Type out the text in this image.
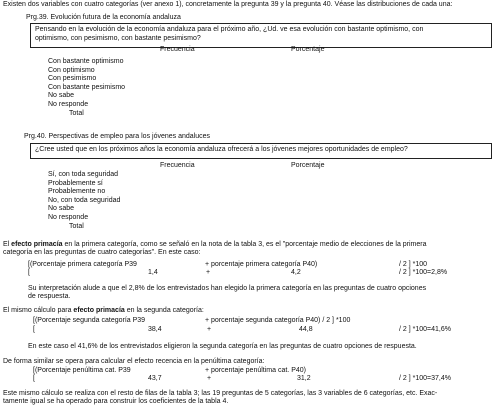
Existen dos variables con cuatro categorías (ver anexo 1), concretamente la pregunta 39 y la pregunta 40. Véase las distribuciones de cada una:
Prg.39. Evolución futura de la economía andaluza
Pensando en la evolución de la economía andaluza para el próximo año, ¿Ud. ve esa evolución con bastante optimismo, con
optimismo, con pesimismo, con bastante pesimismo?
Frecuencia	Porcentaje
Con bastante optimismo
Con optimismo
Con pesimismo
Con bastante pesimismo
No sabe
No responde
Total
Prg.40. Perspectivas de empleo para los jóvenes andaluces
¿Cree usted que en los próximos años la economía andaluza ofrecerá a los jóvenes mejores oportunidades de empleo?
Frecuencia	Porcentaje
Sí, con toda seguridad
Probablemente sí
Probablemente no
No, con toda seguridad
No sabe
No responde
Total
El efecto primacía en la primera categoría, como se señaló en la nota de la tabla 3, es el "porcentaje medio de elecciones de la primera
categoría en las preguntas de cuatro categorías". En este caso:
[(Porcentaje primera categoría P39	+ porcentaje primera categoría P40)	/ 2 ] *100
[	1,4	+	4,2	/ 2 ] *100=2,8%
Su interpretación alude a que el 2,8% de los entrevistados han elegido la primera categoría en las preguntas de cuatro opciones
de respuesta.
El mismo cálculo para efecto primacía en la segunda categoría:
[(Porcentaje segunda categoría P39	+ porcentaje segunda categoría P40) / 2 ] *100
[	38,4	+	44,8	/ 2 ] *100=41,6%
En este caso el 41,6% de los entrevistados eligieron la segunda categoría en las preguntas de cuatro opciones de respuesta.
De forma similar se opera para calcular el efecto recencia en la penúltima categoría:
[(Porcentaje penúltima cat. P39	+ porcentaje penúltima cat. P40)
[	43,7	+	31,2	/ 2 ] *100=37,4%
Este mismo cálculo se realiza con el resto de filas de la tabla 3; las 19 preguntas de 5 categorías, las 3 variables de 6 categorías, etc. Exac-
tamente igual se ha operado para construir los coeficientes de la tabla 4.
